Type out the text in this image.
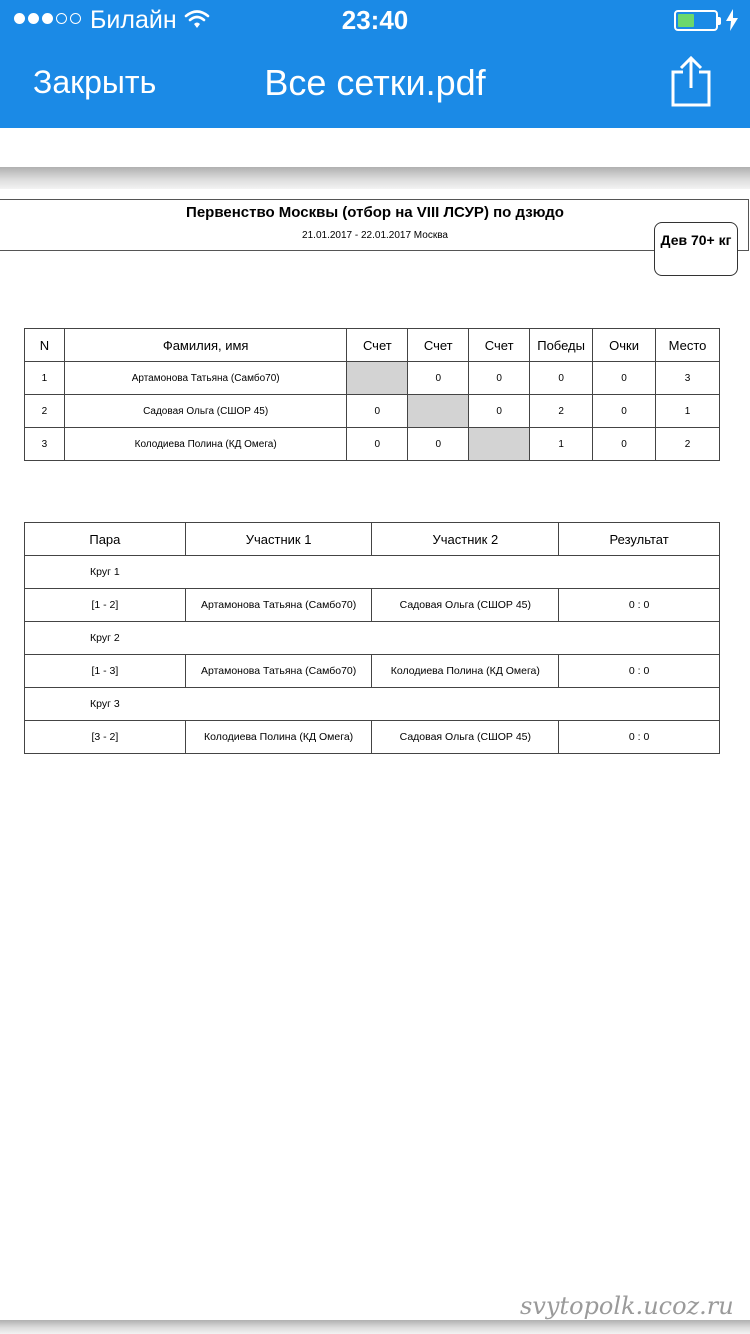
Билайн	23:40
Закрыть	Все сетки.pdf
Первенство Москвы (отбор на VIII ЛСУР) по дзюдо
21.01.2017 - 22.01.2017 Москва	Дев 70+ кг
N	Фамилия, имя	Счет	Счет	Счет	Победы	Очки	Место
1	Артамонова Татьяна (Самбо70)		0	0	0	0	3
2	Садовая Ольга (СШОР 45)	0		0	2	0	1
3	Колодиева Полина (КД Омега)	0	0		1	0	2
Пара	Участник 1	Участник 2	Результат
Круг 1			
[1 - 2]	Артамонова Татьяна (Самбо70)	Садовая Ольга (СШОР 45)	0 : 0
Круг 2			
[1 - 3]	Артамонова Татьяна (Самбо70)	Колодиева Полина (КД Омега)	0 : 0
Круг 3			
[3 - 2]	Колодиева Полина (КД Омега)	Садовая Ольга (СШОР 45)	0 : 0
svytopolk.ucoz.ru
